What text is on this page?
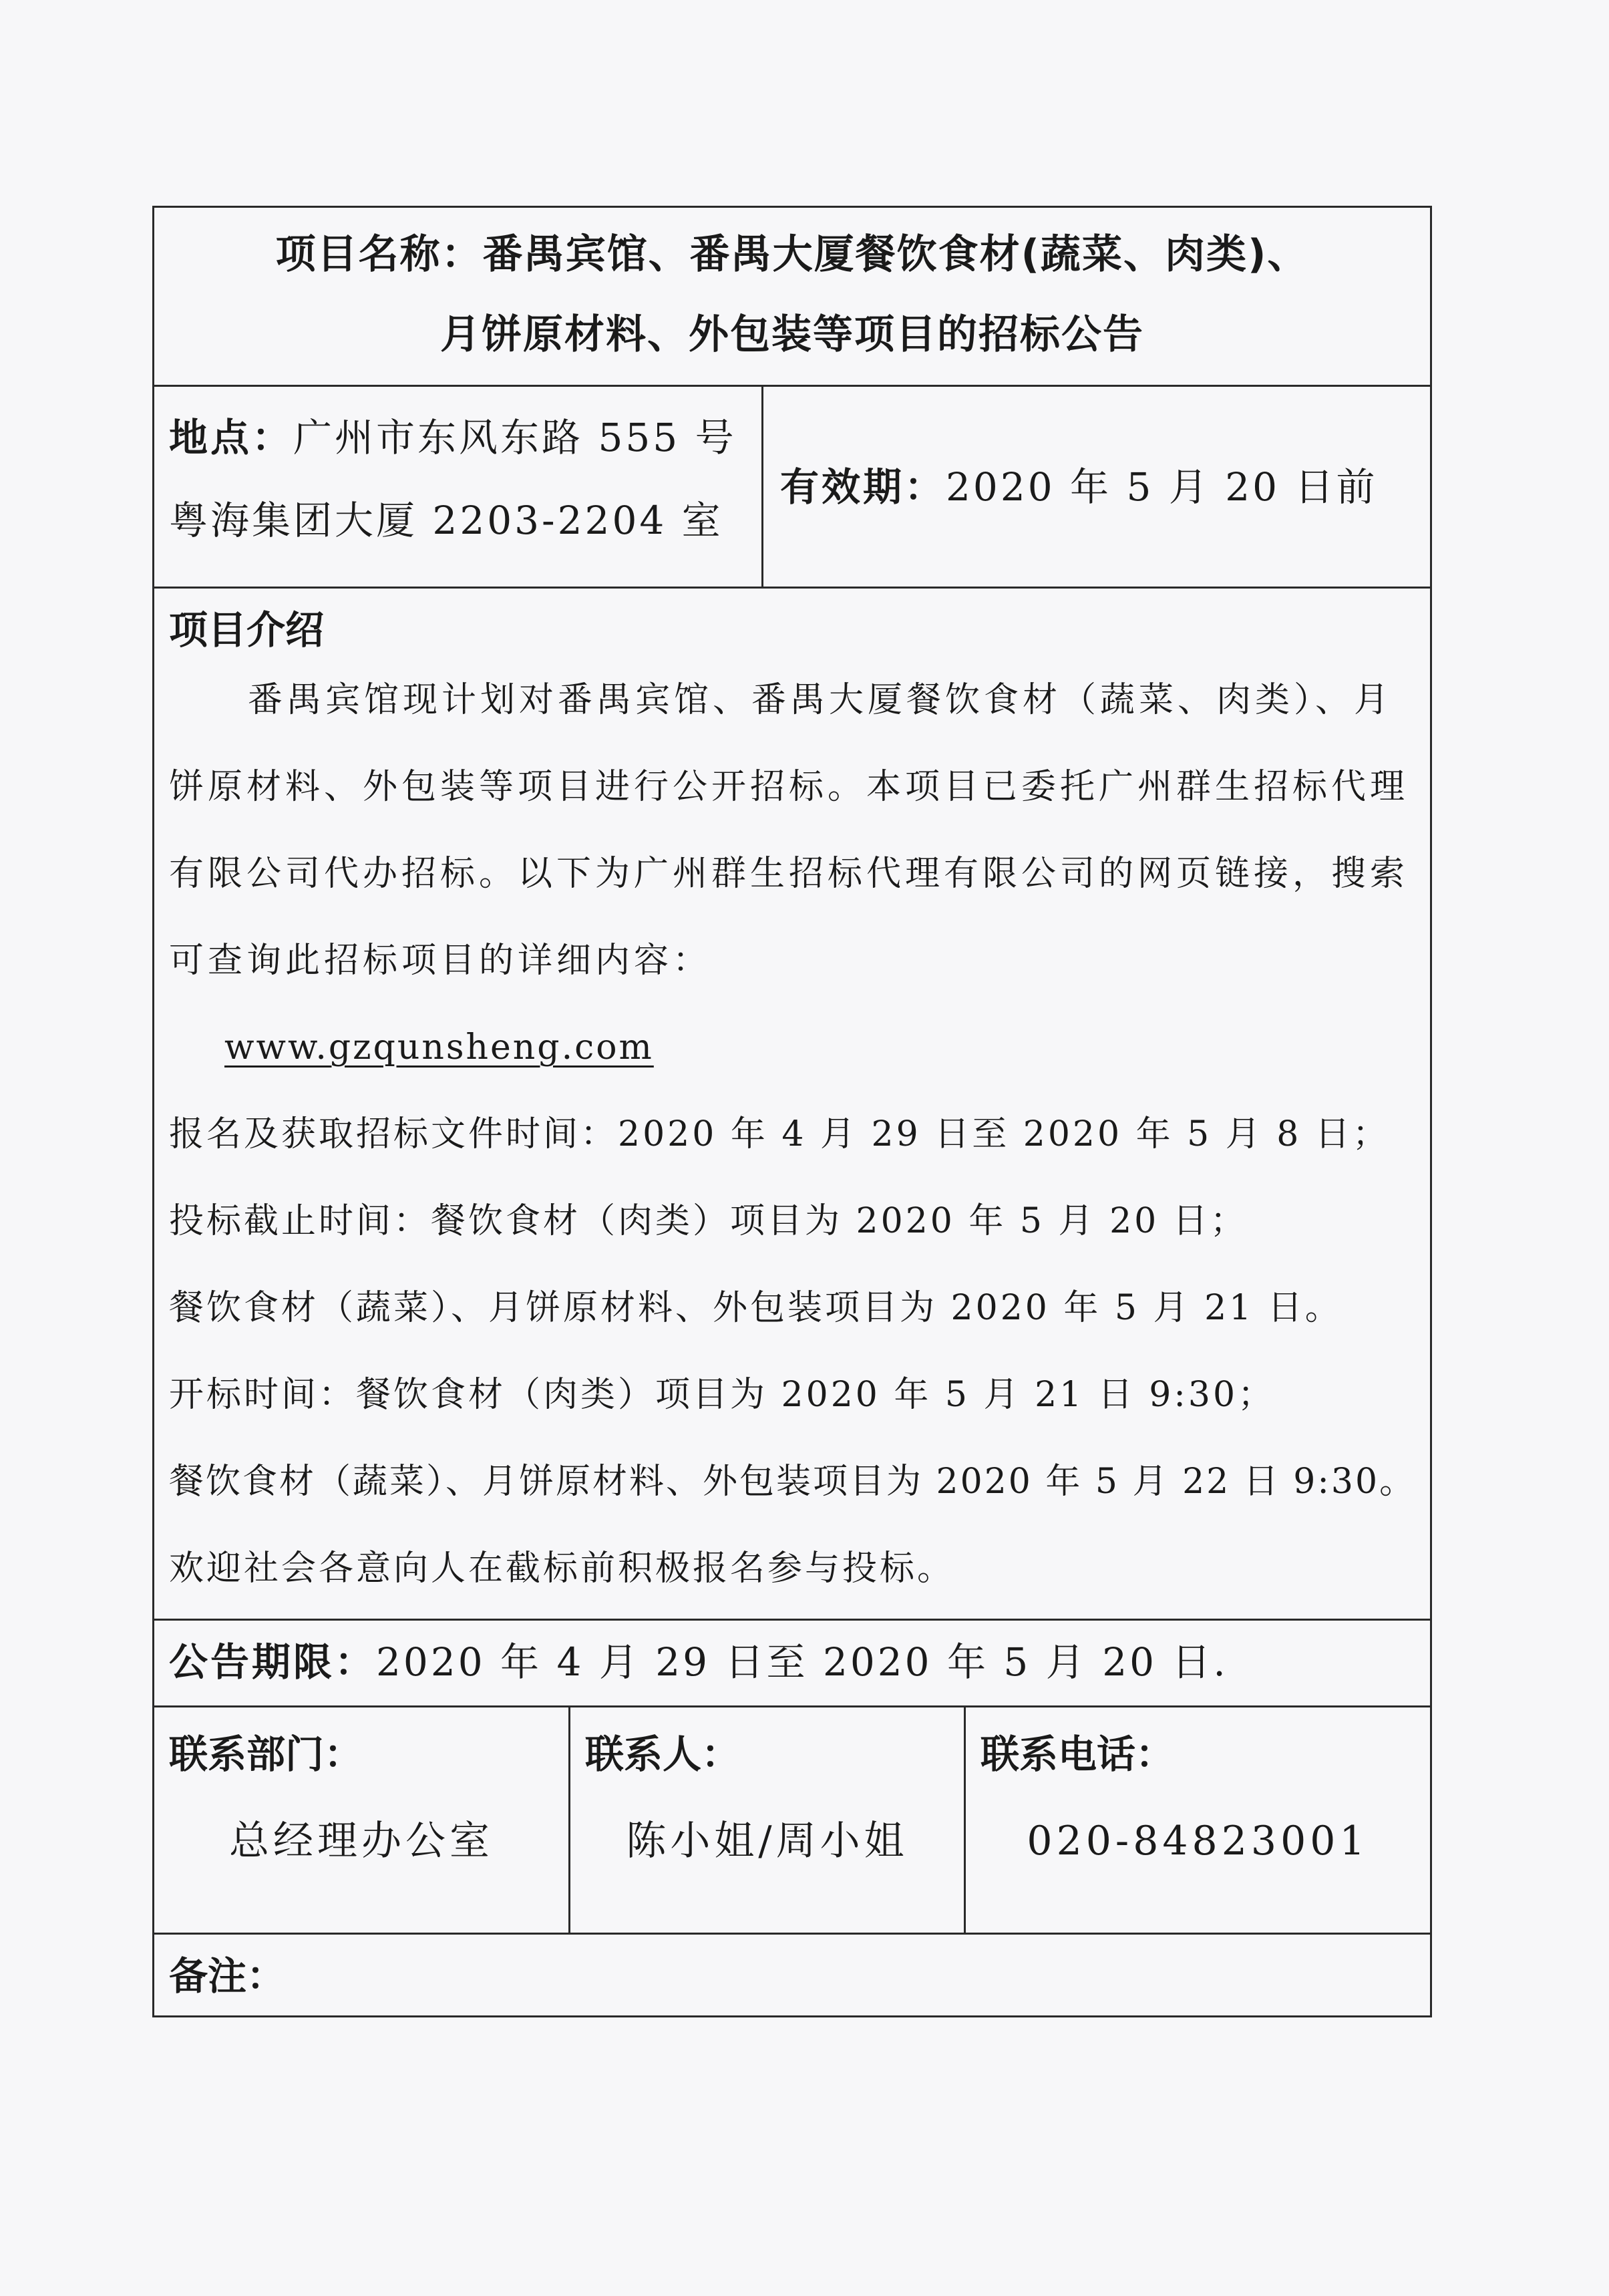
项目名称：番禺宾馆、番禺大厦餐饮食材(蔬菜、肉类)、
月饼原材料、外包装等项目的招标公告
地点：广州市东风东路 555 号
粤海集团大厦 2203-2204 室
有效期：2020 年 5 月 20 日前
项目介绍
番禺宾馆现计划对番禺宾馆、番禺大厦餐饮食材（蔬菜、肉类）、月
饼原材料、外包装等项目进行公开招标。本项目已委托广州群生招标代理
有限公司代办招标。以下为广州群生招标代理有限公司的网页链接，搜索
可查询此招标项目的详细内容：
www.gzqunsheng.com
报名及获取招标文件时间：2020 年 4 月 29 日至 2020 年 5 月 8 日；
投标截止时间：餐饮食材（肉类）项目为 2020 年 5 月 20 日；
餐饮食材（蔬菜）、月饼原材料、外包装项目为 2020 年 5 月 21 日。
开标时间：餐饮食材（肉类）项目为 2020 年 5 月 21 日 9:30；
餐饮食材（蔬菜）、月饼原材料、外包装项目为 2020 年 5 月 22 日 9:30。
欢迎社会各意向人在截标前积极报名参与投标。
公告期限：2020 年 4 月 29 日至 2020 年 5 月 20 日.
联系部门：
总经理办公室
联系人：
陈小姐/周小姐
联系电话：
020-84823001
备注：
